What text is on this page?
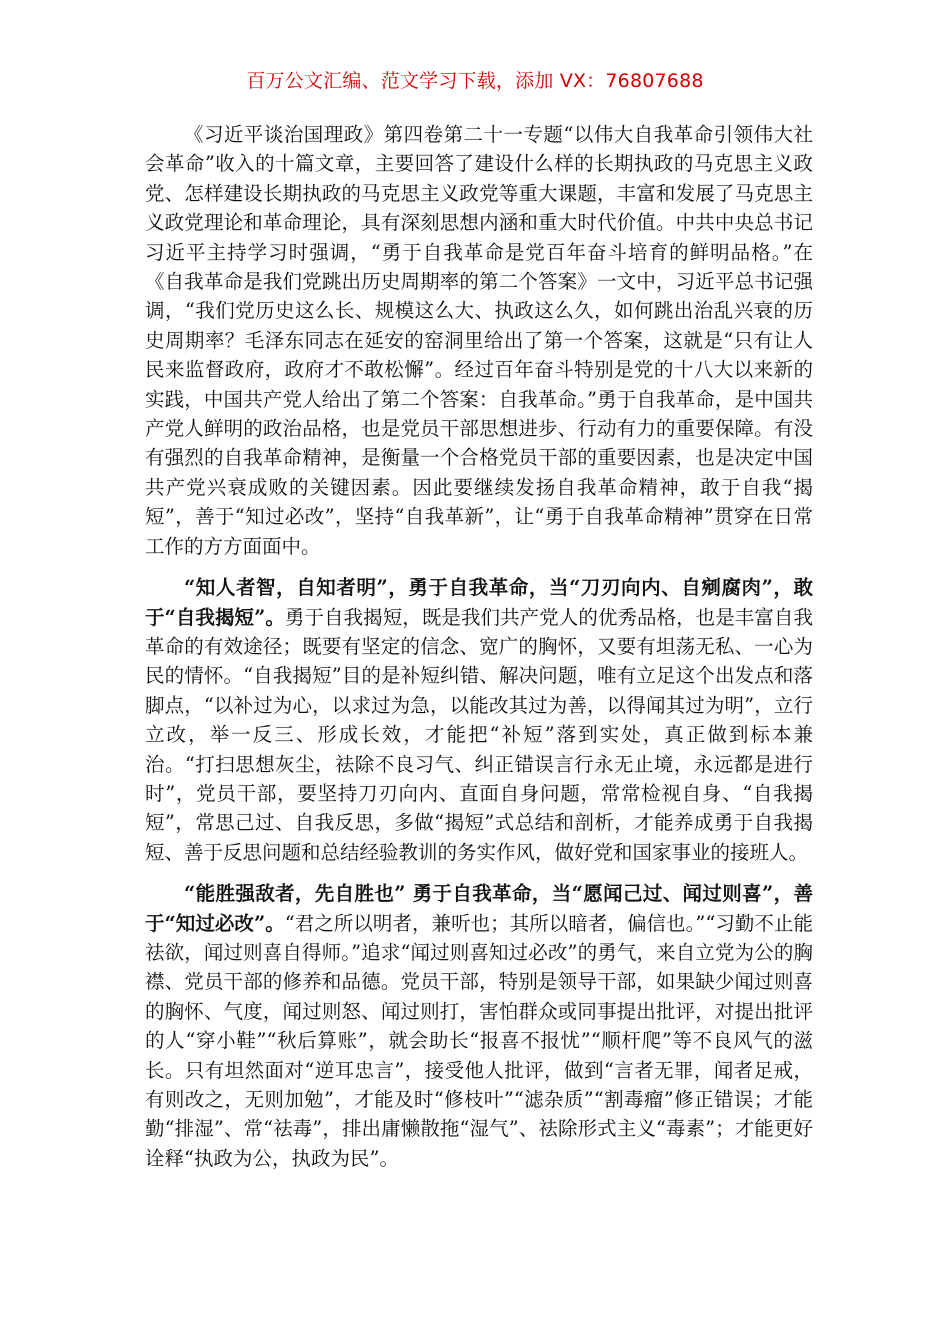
百万公文汇编、范文学习下载，添加 VX：76807688

《习近平谈治国理政》第四卷第二十一专题“以伟大自我革命引领伟大社会革命”收入的十篇文章，主要回答了建设什么样的长期执政的马克思主义政党、怎样建设长期执政的马克思主义政党等重大课题，丰富和发展了马克思主义政党理论和革命理论，具有深刻思想内涵和重大时代价值。中共中央总书记习近平主持学习时强调，“勇于自我革命是党百年奋斗培育的鲜明品格。”在《自我革命是我们党跳出历史周期率的第二个答案》一文中，习近平总书记强调，“我们党历史这么长、规模这么大、执政这么久，如何跳出治乱兴衰的历史周期率？毛泽东同志在延安的窑洞里给出了第一个答案，这就是“只有让人民来监督政府，政府才不敢松懈”。经过百年奋斗特别是党的十八大以来新的实践，中国共产党人给出了第二个答案：自我革命。”勇于自我革命，是中国共产党人鲜明的政治品格，也是党员干部思想进步、行动有力的重要保障。有没有强烈的自我革命精神，是衡量一个合格党员干部的重要因素，也是决定中国共产党兴衰成败的关键因素。因此要继续发扬自我革命精神，敢于自我“揭短”，善于“知过必改”，坚持“自我革新”，让“勇于自我革命精神”贯穿在日常工作的方方面面中。

“知人者智，自知者明”，勇于自我革命，当“刀刃向内、自剜腐肉”，敢于“自我揭短”。勇于自我揭短，既是我们共产党人的优秀品格，也是丰富自我革命的有效途径；既要有坚定的信念、宽广的胸怀，又要有坦荡无私、一心为民的情怀。“自我揭短”目的是补短纠错、解决问题，唯有立足这个出发点和落脚点，“以补过为心，以求过为急，以能改其过为善，以得闻其过为明”，立行立改，举一反三、形成长效，才能把“补短”落到实处，真正做到标本兼治。“打扫思想灰尘，祛除不良习气、纠正错误言行永无止境，永远都是进行时”，党员干部，要坚持刀刃向内、直面自身问题，常常检视自身、“自我揭短”，常思己过、自我反思，多做“揭短”式总结和剖析，才能养成勇于自我揭短、善于反思问题和总结经验教训的务实作风，做好党和国家事业的接班人。

“能胜强敌者，先自胜也” 勇于自我革命，当“愿闻己过、闻过则喜”，善于“知过必改”。“君之所以明者，兼听也；其所以暗者，偏信也。”“习勤不止能祛欲，闻过则喜自得师。”追求“闻过则喜知过必改”的勇气，来自立党为公的胸襟、党员干部的修养和品德。党员干部，特别是领导干部，如果缺少闻过则喜的胸怀、气度，闻过则怒、闻过则打，害怕群众或同事提出批评，对提出批评的人“穿小鞋”“秋后算账”，就会助长“报喜不报忧”“顺杆爬”等不良风气的滋长。只有坦然面对“逆耳忠言”，接受他人批评，做到“言者无罪，闻者足戒，有则改之，无则加勉”，才能及时“修枝叶”“滤杂质”“割毒瘤”修正错误；才能勤“排湿”、常“祛毒”，排出庸懒散拖“湿气”、祛除形式主义“毒素”；才能更好诠释“执政为公，执政为民”。
